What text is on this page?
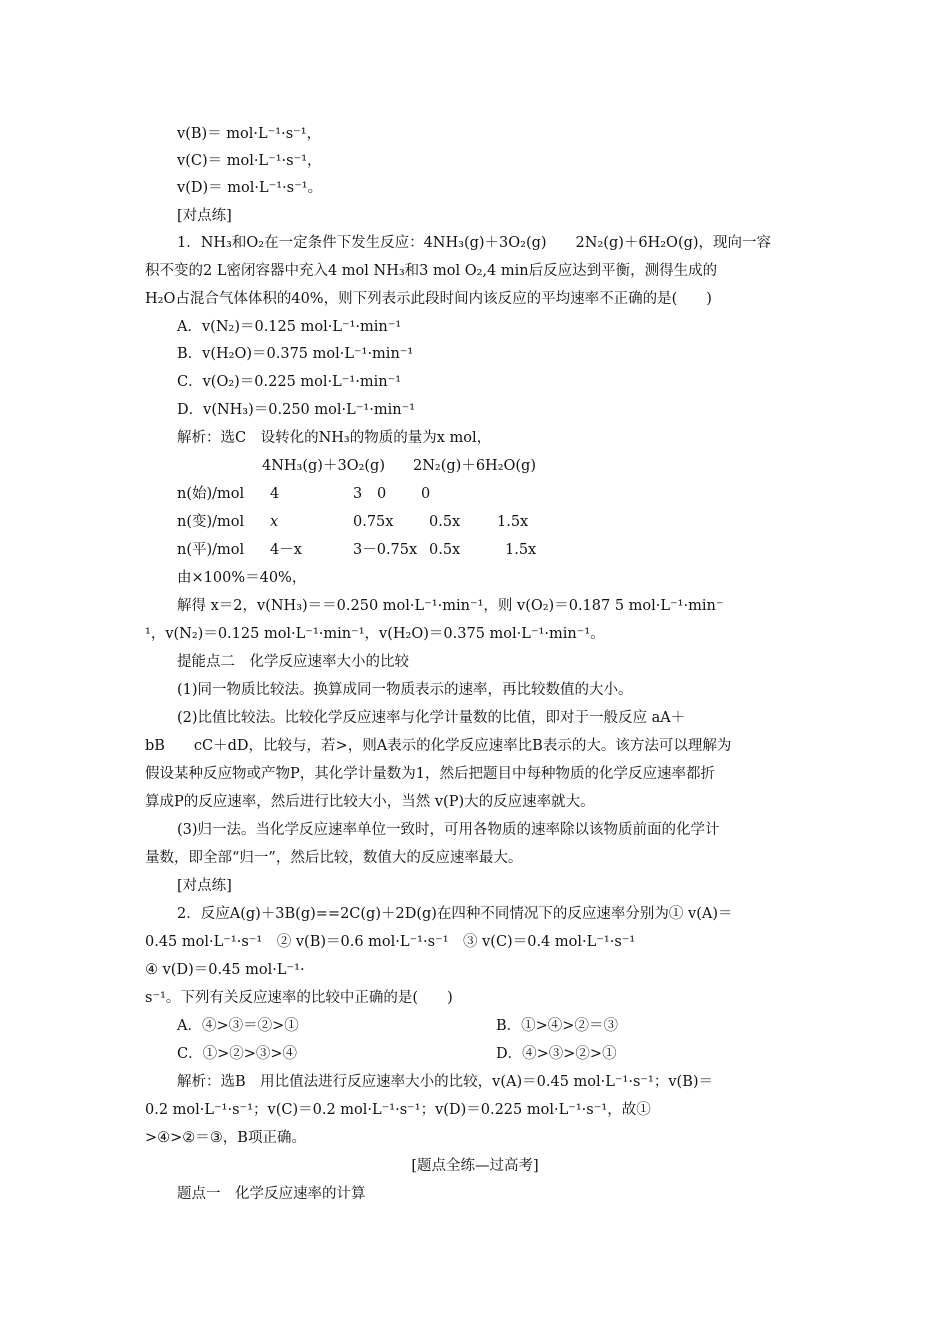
v(B)＝ mol·L⁻¹·s⁻¹，
v(C)＝ mol·L⁻¹·s⁻¹，
v(D)＝ mol·L⁻¹·s⁻¹。
[对点练]
1．NH₃和O₂在一定条件下发生反应：4NH₃(g)＋3O₂(g)　　2N₂(g)＋6H₂O(g)，现向一容
积不变的2 L密闭容器中充入4 mol NH₃和3 mol O₂,4 min后反应达到平衡，测得生成的
H₂O占混合气体体积的40%，则下列表示此段时间内该反应的平均速率不正确的是(　　)
A．v(N₂)＝0.125 mol·L⁻¹·min⁻¹
B．v(H₂O)＝0.375 mol·L⁻¹·min⁻¹
C．v(O₂)＝0.225 mol·L⁻¹·min⁻¹
D．v(NH₃)＝0.250 mol·L⁻¹·min⁻¹
解析：选C　设转化的NH₃的物质的量为x mol，
4NH₃(g)＋3O₂(g) 2N₂(g)＋6H₂O(g)
n(始)/mol 4	3 0 0
n(变)/mol x	0.75x 0.5x	1.5x
n(平)/mol 4－x	3－0.75x 0.5x	1.5x
由×100%＝40%，
解得 x＝2，v(NH₃)＝＝0.250 mol·L⁻¹·min⁻¹，则 v(O₂)＝0.187 5 mol·L⁻¹·min⁻
¹，v(N₂)＝0.125 mol·L⁻¹·min⁻¹，v(H₂O)＝0.375 mol·L⁻¹·min⁻¹。
提能点二　化学反应速率大小的比较
(1)同一物质比较法。换算成同一物质表示的速率，再比较数值的大小。
(2)比值比较法。比较化学反应速率与化学计量数的比值，即对于一般反应 aA＋
bB　　cC＋dD，比较与，若>，则A表示的化学反应速率比B表示的大。该方法可以理解为
假设某种反应物或产物P，其化学计量数为1，然后把题目中每种物质的化学反应速率都折
算成P的反应速率，然后进行比较大小，当然 v(P)大的反应速率就大。
(3)归一法。当化学反应速率单位一致时，可用各物质的速率除以该物质前面的化学计
量数，即全部“归一”，然后比较，数值大的反应速率最大。
[对点练]
2．反应A(g)＋3B(g)==2C(g)＋2D(g)在四种不同情况下的反应速率分别为① v(A)＝
0.45 mol·L⁻¹·s⁻¹　② v(B)＝0.6 mol·L⁻¹·s⁻¹　③ v(C)＝0.4 mol·L⁻¹·s⁻¹
④ v(D)＝0.45 mol·L⁻¹·
s⁻¹。下列有关反应速率的比较中正确的是(　　)
A．④>③＝②>①	B．①>④>②＝③
C．①>②>③>④	D．④>③>②>①
解析：选B　用比值法进行反应速率大小的比较，v(A)＝0.45 mol·L⁻¹·s⁻¹；v(B)＝
0.2 mol·L⁻¹·s⁻¹；v(C)＝0.2 mol·L⁻¹·s⁻¹；v(D)＝0.225 mol·L⁻¹·s⁻¹，故①
>④>②＝③，B项正确。
[题点全练—过高考]
题点一　化学反应速率的计算
